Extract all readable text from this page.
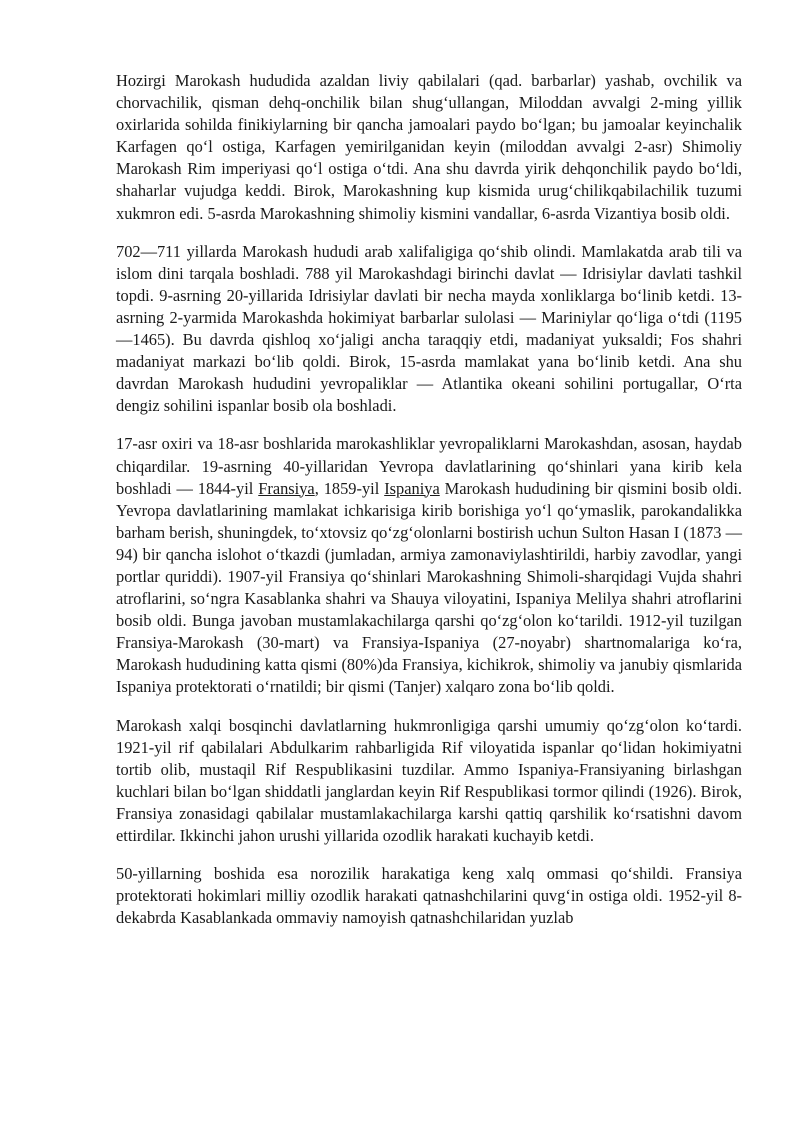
Hozirgi Marokash hududida azaldan liviy qabilalari (qad. barbarlar) yashab, ovchilik va chorvachilik, qisman dehq-onchilik bilan shugʻullangan, Miloddan avvalgi 2-ming yillik oxirlarida sohilda finikiylarning bir qancha jamoalari paydo boʻlgan; bu jamoalar keyinchalik Karfagen qoʻl ostiga, Karfagen yemirilganidan keyin (miloddan avvalgi 2-asr) Shimoliy Marokash Rim imperiyasi qoʻl ostiga oʻtdi. Ana shu davrda yirik dehqonchilik paydo boʻldi, shaharlar vujudga keddi. Birok, Marokashning kup kismida urugʻchilikqabilachilik tuzumi xukmron edi. 5-asrda Marokashning shimoliy kismini vandallar, 6-asrda Vizantiya bosib oldi.

702—711 yillarda Marokash hududi arab xalifaligiga qoʻshib olindi. Mamlakatda arab tili va islom dini tarqala boshladi. 788 yil Marokashdagi birinchi davlat — Idrisiylar davlati tashkil topdi. 9-asrning 20-yillarida Idrisiylar davlati bir necha mayda xonliklarga boʻlinib ketdi. 13-asrning 2-yarmida Marokashda hokimiyat barbarlar sulolasi — Mariniylar qoʻliga oʻtdi (1195—1465). Bu davrda qishloq xoʻjaligi ancha taraqqiy etdi, madaniyat yuksaldi; Fos shahri madaniyat markazi boʻlib qoldi. Birok, 15-asrda mamlakat yana boʻlinib ketdi. Ana shu davrdan Marokash hududini yevropaliklar — Atlantika okeani sohilini portugallar, Oʻrta dengiz sohilini ispanlar bosib ola boshladi.

17-asr oxiri va 18-asr boshlarida marokashliklar yevropaliklarni Marokashdan, asosan, haydab chiqardilar. 19-asrning 40-yillaridan Yevropa davlatlarining qoʻshinlari yana kirib kela boshladi — 1844-yil Fransiya, 1859-yil Ispaniya Marokash hududining bir qismini bosib oldi. Yevropa davlatlarining mamlakat ichkarisiga kirib borishiga yoʻl qoʻymaslik, parokandalikka barham berish, shuningdek, toʻxtovsiz qoʻzgʻolonlarni bostirish uchun Sulton Hasan I (1873 — 94) bir qancha islohot oʻtkazdi (jumladan, armiya zamonaviylashtirildi, harbiy zavodlar, yangi portlar quriddi). 1907-yil Fransiya qoʻshinlari Marokashning Shimoli-sharqidagi Vujda shahri atroflarini, soʻngra Kasablanka shahri va Shauya viloyatini, Ispaniya Melilya shahri atroflarini bosib oldi. Bunga javoban mustamlakachilarga qarshi qoʻzgʻolon koʻtarildi. 1912-yil tuzilgan Fransiya-Marokash (30-mart) va Fransiya-Ispaniya (27-noyabr) shartnomalariga koʻra, Marokash hududining katta qismi (80%)da Fransiya, kichikrok, shimoliy va janubiy qismlarida Ispaniya protektorati oʻrnatildi; bir qismi (Tanjer) xalqaro zona boʻlib qoldi.

Marokash xalqi bosqinchi davlatlarning hukmronligiga qarshi umumiy qoʻzgʻolon koʻtardi. 1921-yil rif qabilalari Abdulkarim rahbarligida Rif viloyatida ispanlar qoʻlidan hokimiyatni tortib olib, mustaqil Rif Respublikasini tuzdilar. Ammo Ispaniya-Fransiyaning birlashgan kuchlari bilan boʻlgan shiddatli janglardan keyin Rif Respublikasi tormor qilindi (1926). Birok, Fransiya zonasidagi qabilalar mustamlakachilarga karshi qattiq qarshilik koʻrsatishni davom ettirdilar. Ikkinchi jahon urushi yillarida ozodlik harakati kuchayib ketdi.

50-yillarning boshida esa norozilik harakatiga keng xalq ommasi qoʻshildi. Fransiya protektorati hokimlari milliy ozodlik harakati qatnashchilarini quvgʻin ostiga oldi. 1952-yil 8-dekabrda Kasablankada ommaviy namoyish qatnashchilaridan yuzlab
